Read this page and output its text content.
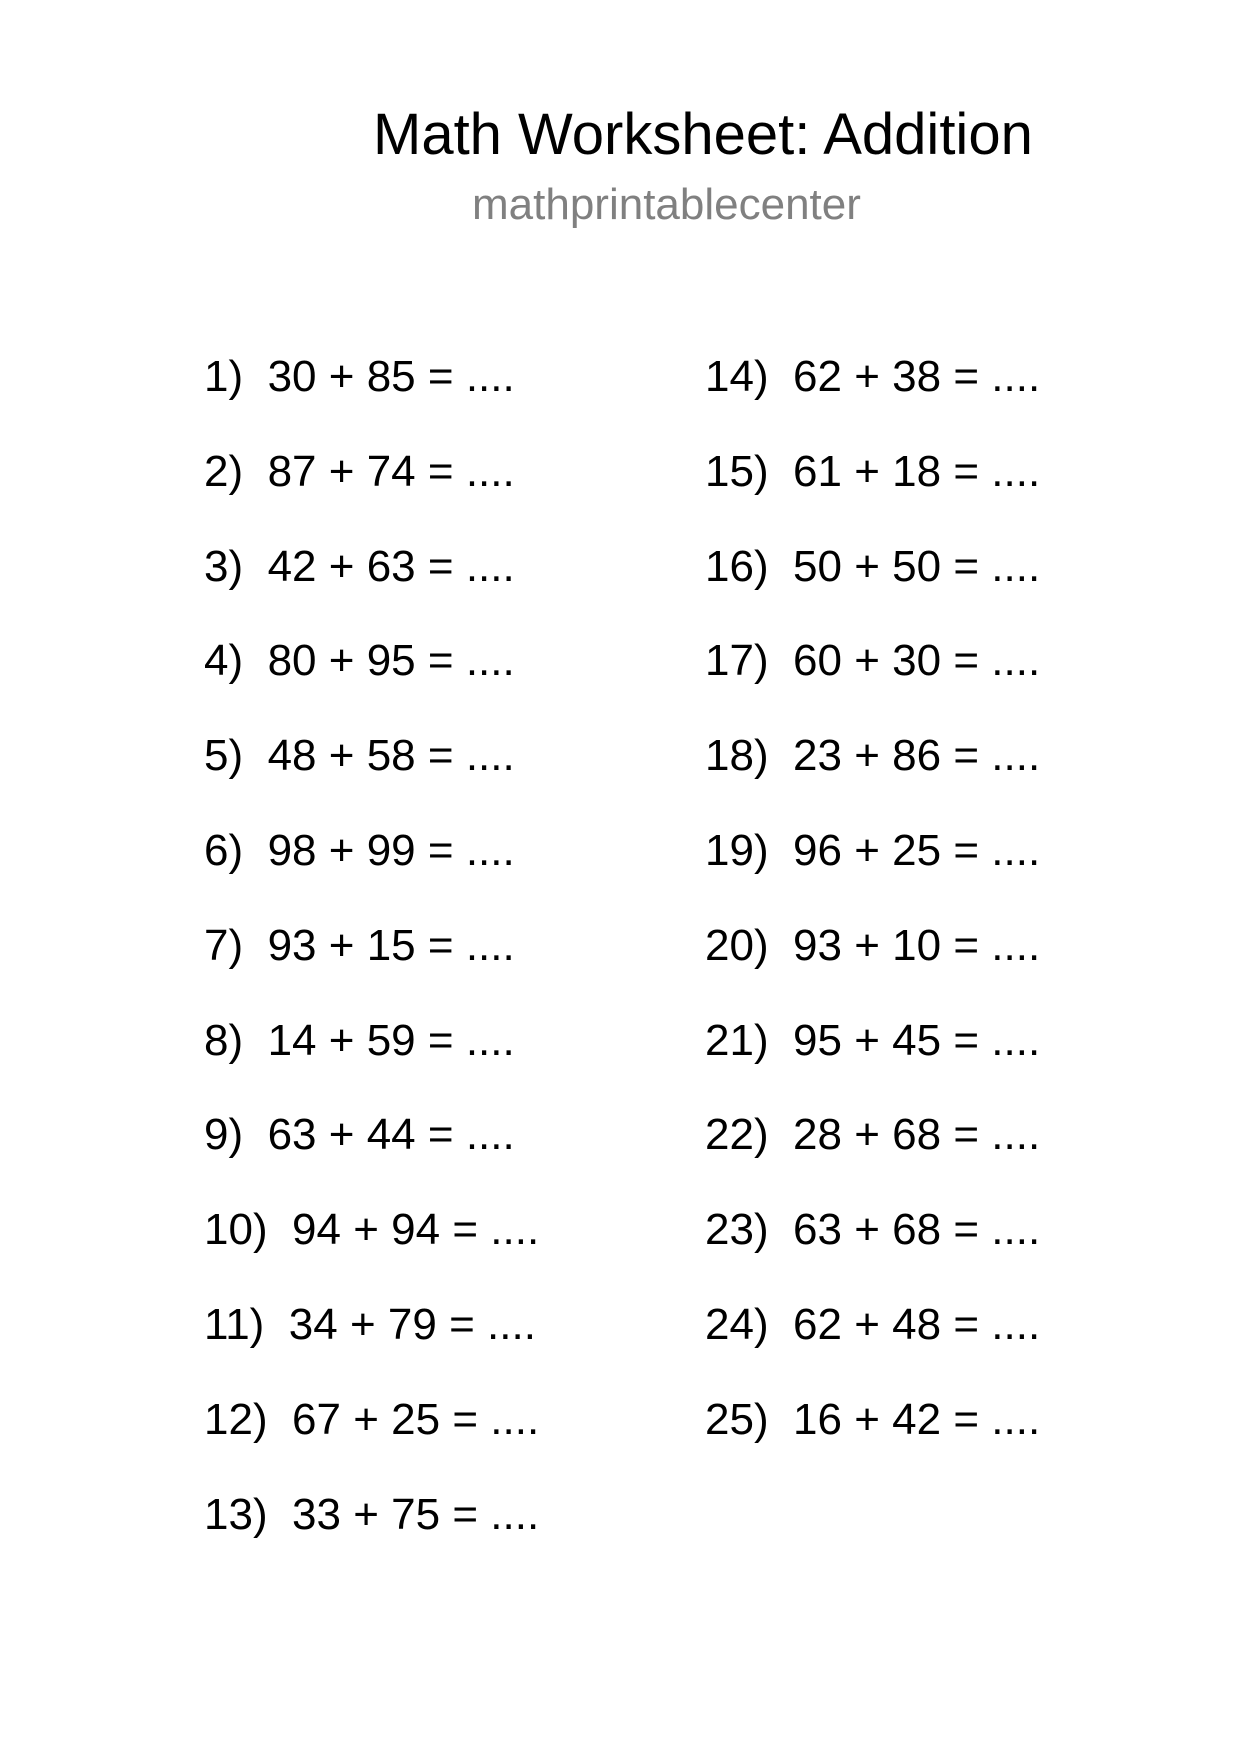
Math Worksheet: Addition
mathprintablecenter
1) 30 + 85 = ....
2) 87 + 74 = ....
3) 42 + 63 = ....
4) 80 + 95 = ....
5) 48 + 58 = ....
6) 98 + 99 = ....
7) 93 + 15 = ....
8) 14 + 59 = ....
9) 63 + 44 = ....
10) 94 + 94 = ....
11) 34 + 79 = ....
12) 67 + 25 = ....
13) 33 + 75 = ....
14) 62 + 38 = ....
15) 61 + 18 = ....
16) 50 + 50 = ....
17) 60 + 30 = ....
18) 23 + 86 = ....
19) 96 + 25 = ....
20) 93 + 10 = ....
21) 95 + 45 = ....
22) 28 + 68 = ....
23) 63 + 68 = ....
24) 62 + 48 = ....
25) 16 + 42 = ....
